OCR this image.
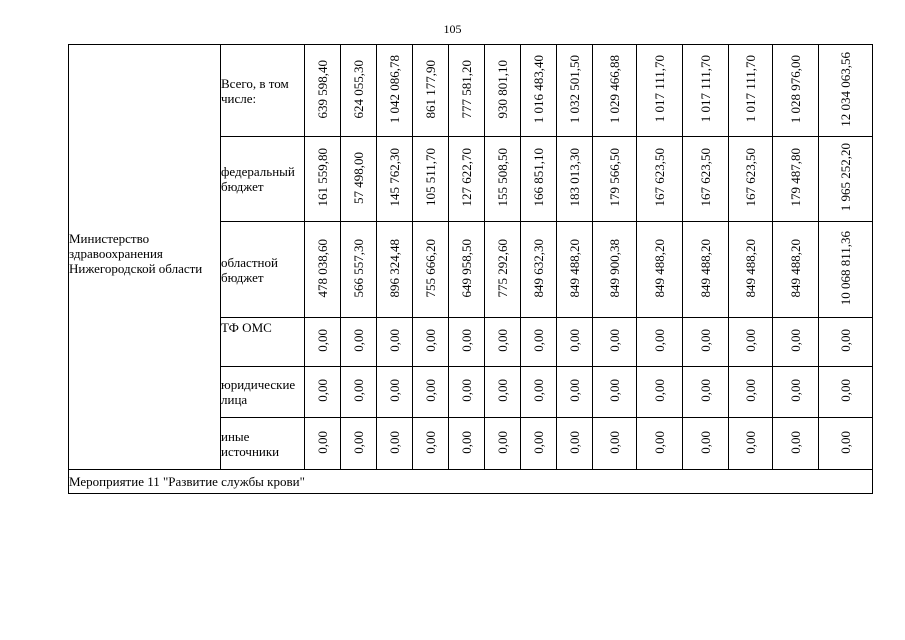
105
Министерство здравоохранения Нижегородской области	Всего, в том числе:	639 598,40	624 055,30	1 042 086,78	861 177,90	777 581,20	930 801,10	1 016 483,40	1 032 501,50	1 029 466,88	1 017 111,70	1 017 111,70	1 017 111,70	1 028 976,00	12 034 063,56
	федеральный бюджет	161 559,80	57 498,00	145 762,30	105 511,70	127 622,70	155 508,50	166 851,10	183 013,30	179 566,50	167 623,50	167 623,50	167 623,50	179 487,80	1 965 252,20
	областной бюджет	478 038,60	566 557,30	896 324,48	755 666,20	649 958,50	775 292,60	849 632,30	849 488,20	849 900,38	849 488,20	849 488,20	849 488,20	849 488,20	10 068 811,36
	ТФ ОМС	0,00	0,00	0,00	0,00	0,00	0,00	0,00	0,00	0,00	0,00	0,00	0,00	0,00	0,00
	юридические лица	0,00	0,00	0,00	0,00	0,00	0,00	0,00	0,00	0,00	0,00	0,00	0,00	0,00	0,00
	иные источники	0,00	0,00	0,00	0,00	0,00	0,00	0,00	0,00	0,00	0,00	0,00	0,00	0,00	0,00
Мероприятие 11 "Развитие службы крови"															
